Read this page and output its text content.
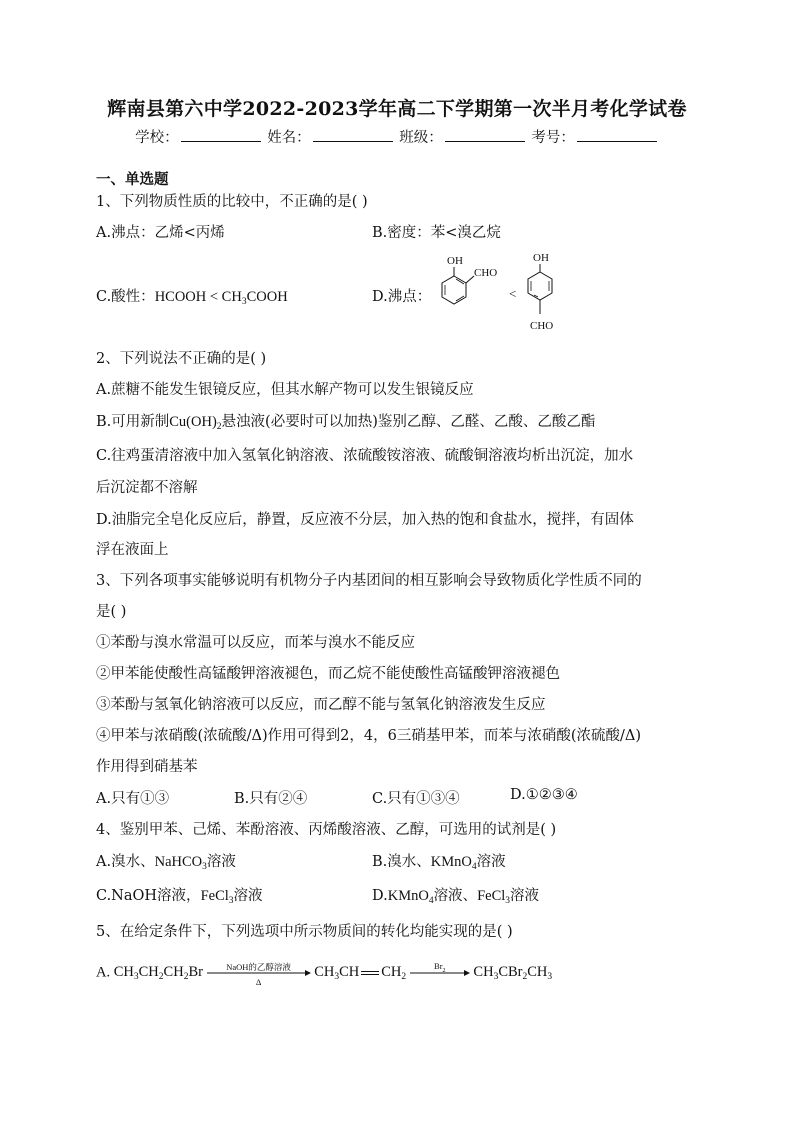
辉南县第六中学2022-2023学年高二下学期第一次半月考化学试卷
学校：	姓名：	班级：	考号：
一、单选题
1、下列物质性质的比较中，不正确的是( )
A.沸点：乙烯<丙烯	B.密度：苯<溴乙烷
C.酸性：HCOOH < $CH_3COOH$	D.沸点：
OH
CHO
<
OH
CHO
2、下列说法不正确的是( )
A.蔗糖不能发生银镜反应，但其水解产物可以发生银镜反应
B.可用新制$Cu(OH)_2$悬浊液(必要时可以加热)鉴别乙醇、乙醛、乙酸、乙酸乙酯
C.往鸡蛋清溶液中加入氢氧化钠溶液、浓硫酸铵溶液、硫酸铜溶液均析出沉淀，加水
后沉淀都不溶解
D.油脂完全皂化反应后，静置，反应液不分层，加入热的饱和食盐水，搅拌，有固体
浮在液面上
3、下列各项事实能够说明有机物分子内基团间的相互影响会导致物质化学性质不同的
是( )
①苯酚与溴水常温可以反应，而苯与溴水不能反应
②甲苯能使酸性高锰酸钾溶液褪色，而乙烷不能使酸性高锰酸钾溶液褪色
③苯酚与氢氧化钠溶液可以反应，而乙醇不能与氢氧化钠溶液发生反应
④甲苯与浓硝酸(浓硫酸/Δ)作用可得到2，4，6三硝基甲苯，而苯与浓硝酸(浓硫酸/Δ)
作用得到硝基苯
A.只有①③	B.只有②④	C.只有①③④	D.①②③④
4、鉴别甲苯、己烯、苯酚溶液、丙烯酸溶液、乙醇，可选用的试剂是( )
A.溴水、NaHCO$_3$溶液	B.溴水、KMnO$_4$溶液
C.NaOH溶液，FeCl$_3$溶液	D.KMnO$_4$溶液、FeCl$_3$溶液
5、在给定条件下，下列选项中所示物质间的转化均能实现的是( )
A. $CH_3CH_2CH_2Br$	NaOH的乙醇溶液
Δ
$CH_3CH$ $CH_2$
$Br_2$	$CH_3CBr_2CH_3$
